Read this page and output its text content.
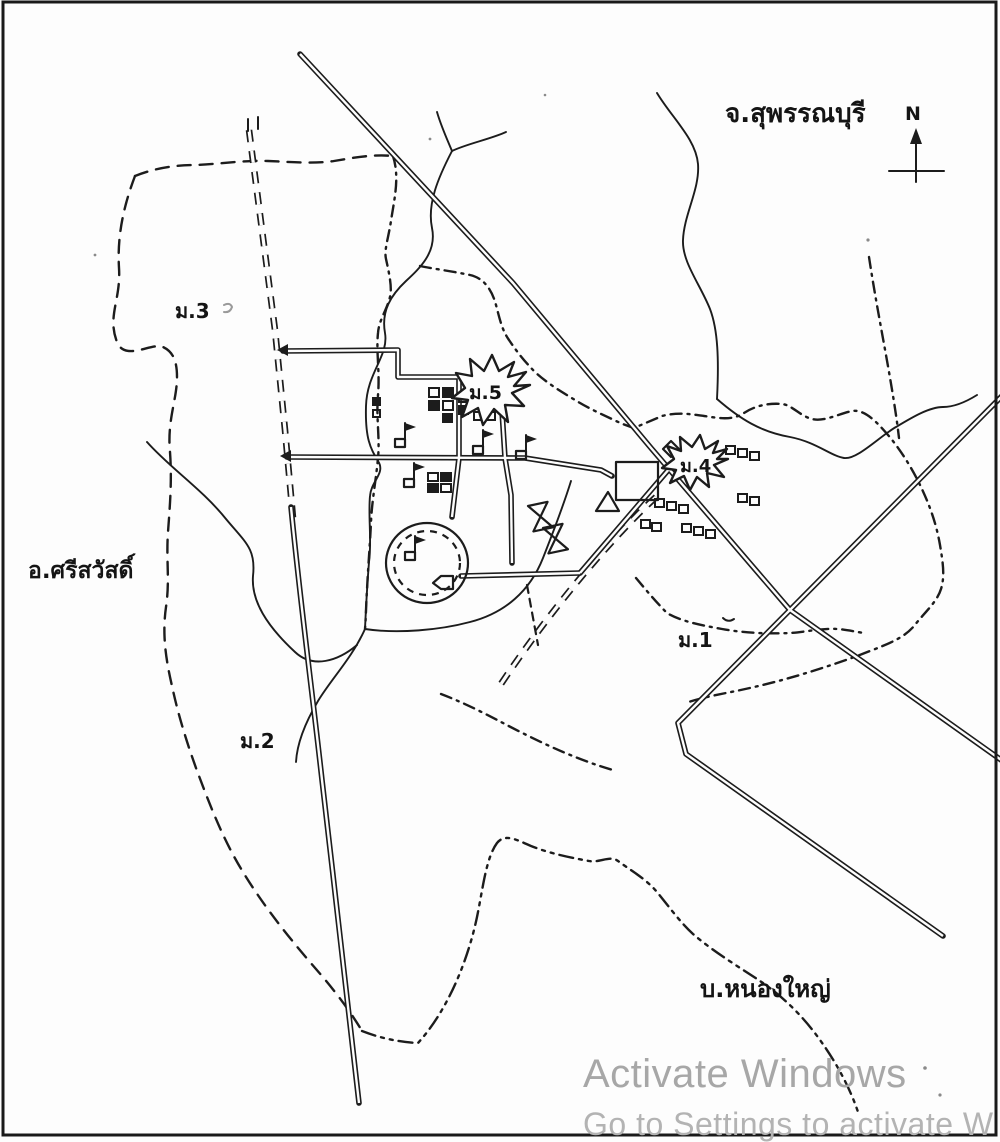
N
จ.สุพรรณบุรี
อ.ศรีสวัสดิ์
ม.3
ม.5
ม.4
ม.1
ม.2
บ.หนองใหญ่
Activate Windows
Go to Settings to activate W
